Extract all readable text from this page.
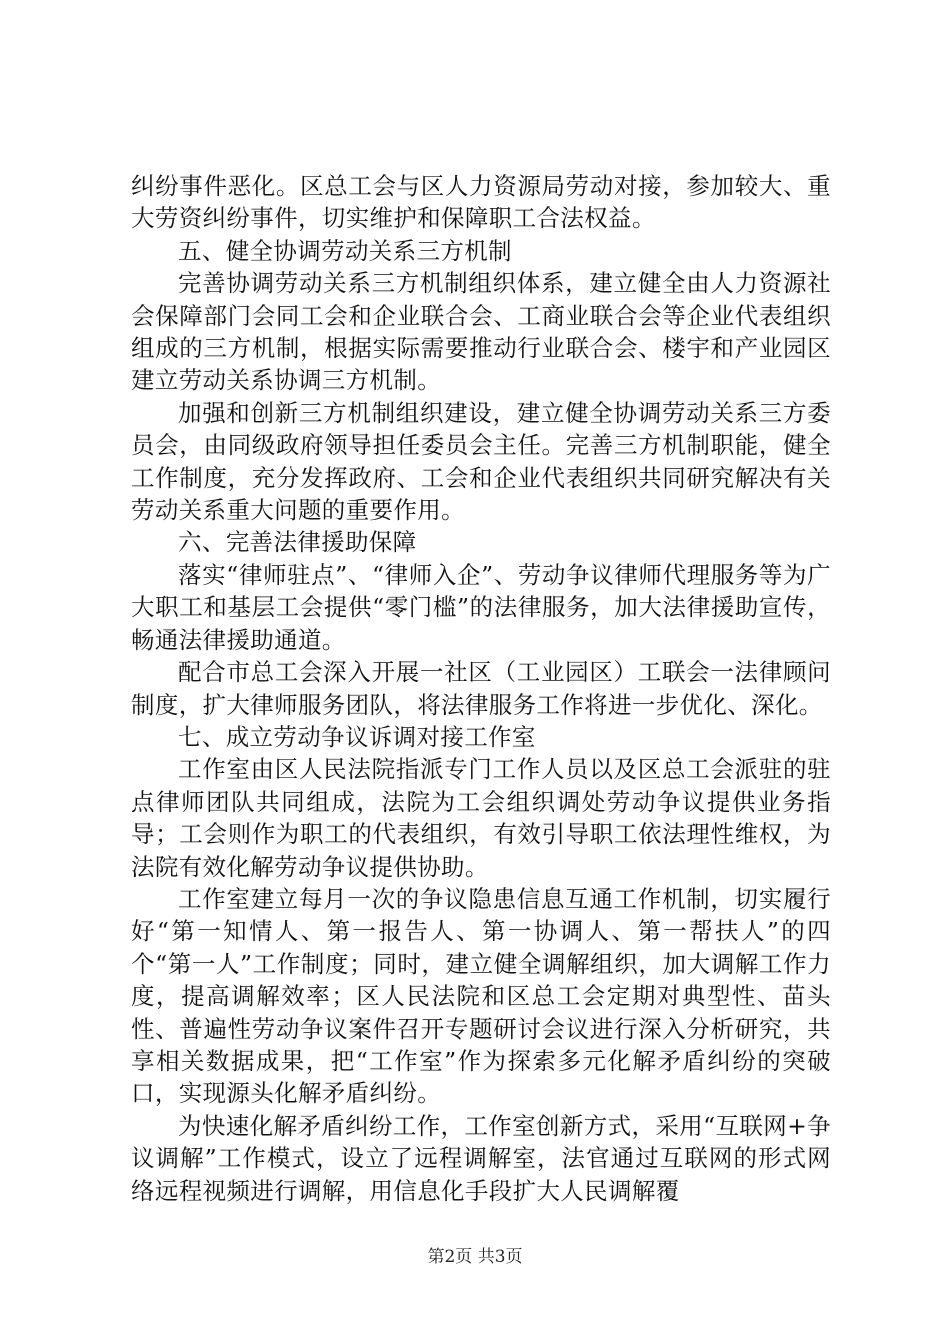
纠纷事件恶化。区总工会与区人力资源局劳动对接，参加较大、重大劳资纠纷事件，切实维护和保障职工合法权益。

五、健全协调劳动关系三方机制

完善协调劳动关系三方机制组织体系，建立健全由人力资源社会保障部门会同工会和企业联合会、工商业联合会等企业代表组织组成的三方机制，根据实际需要推动行业联合会、楼宇和产业园区建立劳动关系协调三方机制。

加强和创新三方机制组织建设，建立健全协调劳动关系三方委员会，由同级政府领导担任委员会主任。完善三方机制职能，健全工作制度，充分发挥政府、工会和企业代表组织共同研究解决有关劳动关系重大问题的重要作用。

六、完善法律援助保障

落实“律师驻点”、“律师入企”、劳动争议律师代理服务等为广大职工和基层工会提供“零门槛”的法律服务，加大法律援助宣传，畅通法律援助通道。

配合市总工会深入开展一社区（工业园区）工联会一法律顾问制度，扩大律师服务团队，将法律服务工作将进一步优化、深化。

七、成立劳动争议诉调对接工作室

工作室由区人民法院指派专门工作人员以及区总工会派驻的驻点律师团队共同组成，法院为工会组织调处劳动争议提供业务指导；工会则作为职工的代表组织，有效引导职工依法理性维权，为法院有效化解劳动争议提供协助。

工作室建立每月一次的争议隐患信息互通工作机制，切实履行好“第一知情人、第一报告人、第一协调人、第一帮扶人”的四个“第一人”工作制度；同时，建立健全调解组织，加大调解工作力度，提高调解效率；区人民法院和区总工会定期对典型性、苗头性、普遍性劳动争议案件召开专题研讨会议进行深入分析研究，共享相关数据成果，把“工作室”作为探索多元化解矛盾纠纷的突破口，实现源头化解矛盾纠纷。

为快速化解矛盾纠纷工作，工作室创新方式，采用“互联网+争议调解”工作模式，设立了远程调解室，法官通过互联网的形式网络远程视频进行调解，用信息化手段扩大人民调解覆

第2页 共3页
